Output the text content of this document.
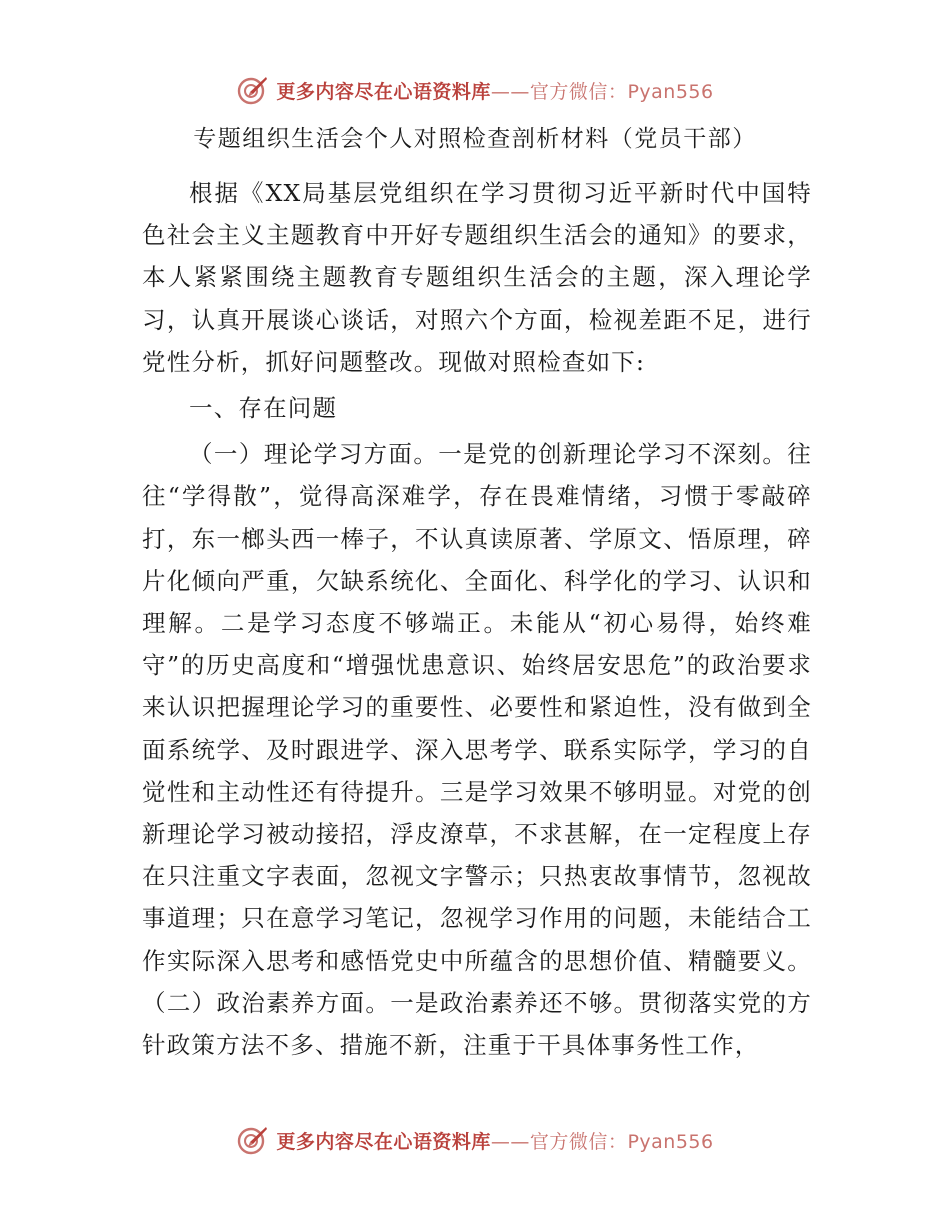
更多内容尽在心语资料库——官方微信：Pyan556
专题组织生活会个人对照检查剖析材料（党员干部）

根据《XX局基层党组织在学习贯彻习近平新时代中国特色社会主义主题教育中开好专题组织生活会的通知》的要求，本人紧紧围绕主题教育专题组织生活会的主题，深入理论学习，认真开展谈心谈话，对照六个方面，检视差距不足，进行党性分析，抓好问题整改。现做对照检查如下:

一、存在问题

（一）理论学习方面。一是党的创新理论学习不深刻。往往“学得散”，觉得高深难学，存在畏难情绪，习惯于零敲碎打，东一榔头西一棒子，不认真读原著、学原文、悟原理，碎片化倾向严重，欠缺系统化、全面化、科学化的学习、认识和理解。二是学习态度不够端正。未能从“初心易得，始终难守”的历史高度和“增强忧患意识、始终居安思危”的政治要求来认识把握理论学习的重要性、必要性和紧迫性，没有做到全面系统学、及时跟进学、深入思考学、联系实际学，学习的自觉性和主动性还有待提升。三是学习效果不够明显。对党的创新理论学习被动接招，浮皮潦草，不求甚解，在一定程度上存在只注重文字表面，忽视文字警示；只热衷故事情节，忽视故事道理；只在意学习笔记，忽视学习作用的问题，未能结合工作实际深入思考和感悟党史中所蕴含的思想价值、精髓要义。（二）政治素养方面。一是政治素养还不够。贯彻落实党的方针政策方法不多、措施不新，注重于干具体事务性工作，

更多内容尽在心语资料库——官方微信：Pyan556
